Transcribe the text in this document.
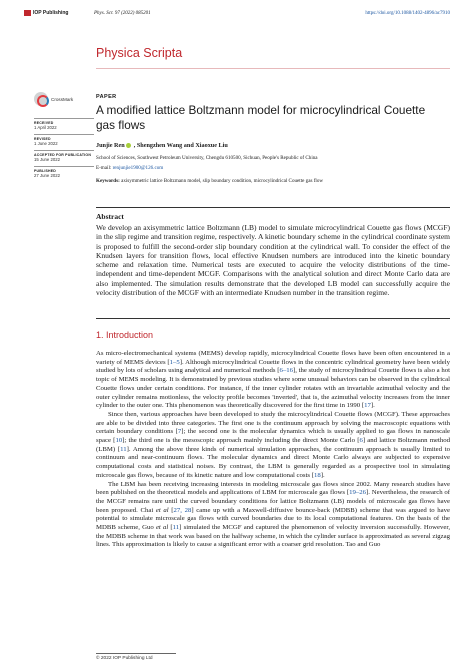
IOP Publishing	Phys. Scr. 97 (2022) 085201	https://doi.org/10.1088/1402-4896/ac7910
Physica Scripta
CrossMark
RECEIVED
1 April 2022
REVISED
1 June 2022
ACCEPTED FOR PUBLICATION
15 June 2022
PUBLISHED
27 June 2022
PAPER
A modified lattice Boltzmann model for microcylindrical Couette gas flows
Junjie Ren , Shengzhen Wang and Xiaoxue Liu
School of Sciences, Southwest Petroleum University, Chengdu 610500, Sichuan, People's Republic of China
E-mail: renjunjie1900@126.com
Keywords: axisymmetric lattice Boltzmann model, slip boundary condition, microcylindrical Couette gas flow
Abstract
We develop an axisymmetric lattice Boltzmann (LB) model to simulate microcylindrical Couette gas flows (MCGF) in the slip regime and transition regime, respectively. A kinetic boundary scheme in the cylindrical coordinate system is proposed to fulfill the second-order slip boundary condition at the cylindrical wall. To consider the effect of the Knudsen layers for transition flows, local effective Knudsen numbers are introduced into the kinetic boundary scheme and relaxation time. Numerical tests are executed to acquire the velocity distributions of the time-independent and time-dependent MCGF. Comparisons with the analytical solution and direct Monte Carlo data are also implemented. The simulation results demonstrate that the developed LB model can successfully acquire the velocity distribution of the MCGF with an intermediate Knudsen number in the transition regime.
1. Introduction

As micro-electromechanical systems (MEMS) develop rapidly, microcylindrical Couette flows have been often encountered in a variety of MEMS devices [1–5]. Although microcylindrical Couette flows in the concentric cylindrical geometry have been widely studied by lots of scholars using analytical and numerical methods [6–16], the study of microcylindrical Couette flows is also a hot topic of MEMS modeling. It is demonstrated by previous studies where some unusual behaviors can be observed in the cylindrical Couette flows under certain conditions. For instance, if the inner cylinder rotates with an invariable azimuthal velocity and the outer cylinder remains motionless, the velocity profile becomes 'inverted', that is, the azimuthal velocity increases from the inner cylinder to the outer one. This phenomenon was theoretically discovered for the first time in 1990 [17].

Since then, various approaches have been developed to study the microcylindrical Couette flows (MCGF). These approaches are able to be divided into three categories. The first one is the continuum approach by solving the macroscopic equations with certain boundary conditions [7]; the second one is the molecular dynamics which is usually applied to gas flows in nanoscale space [10]; the third one is the mesoscopic approach mainly including the direct Monte Carlo [6] and lattice Boltzmann method (LBM) [11]. Among the above three kinds of numerical simulation approaches, the continuum approach is usually limited to continuum and near-continuum flows. The molecular dynamics and direct Monte Carlo always are subjected to expensive computational costs and statistical noises. By contrast, the LBM is generally regarded as a prospective tool in simulating microscale gas flows, because of its kinetic nature and low computational costs [18].

The LBM has been receiving increasing interests in modeling microscale gas flows since 2002. Many research studies have been published on the theoretical models and applications of LBM for microscale gas flows [19–26]. Nevertheless, the research of the MCGF remains rare until the curved boundary conditions for lattice Boltzmann (LB) models of microscale gas flows have been proposed. Chai et al [27, 28] came up with a Maxwell-diffusive bounce-back (MDBB) scheme that was argued to have potential to simulate microscale gas flows with curved boundaries due to its local computational features. On the basis of the MDBB scheme, Guo et al [11] simulated the MCGF and captured the phenomenon of velocity inversion successfully. However, the MDBB scheme in that work was based on the halfway scheme, in which the cylinder surface is approximated as several zigzag lines. This approximation is likely to cause a significant error with a coarser grid resolution. Tao and Guo

© 2022 IOP Publishing Ltd
